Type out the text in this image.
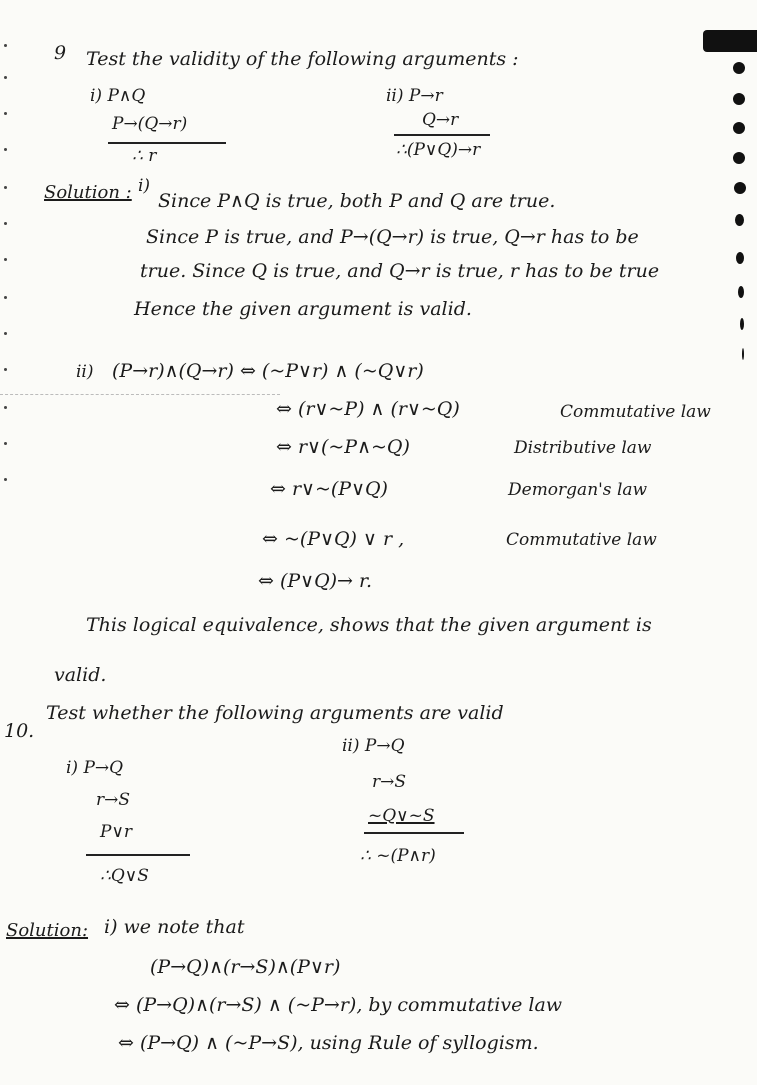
9 Test the validity of the following arguments :
i) P∧Q
P→(Q→r)
∴ r
ii) P→r
Q→r
∴(P∨Q)→r
Solution : i)
Since P∧Q is true, both P and Q are true.
Since P is true, and P→(Q→r) is true, Q→r has to be
true. Since Q is true, and Q→r is true, r has to be true
Hence the given argument is valid.
ii) (P→r)∧(Q→r) ⇔ (~P∨r) ∧ (~Q∨r)
⇔ (r∨~P) ∧ (r∨~Q)	Commutative law
⇔ r∨(~P∧~Q)	Distributive law
⇔ r∨~(P∨Q)	Demorgan's law
⇔ ~(P∨Q) ∨ r ,	Commutative law
⇔ (P∨Q)→ r.
This logical equivalence, shows that the given argument is
valid.
10.
Test whether the following arguments are valid
i) P→Q
r→S
P∨r
∴Q∨S
ii) P→Q
r→S
~Q∨~S
∴ ~(P∧r)
Solution: i) we note that
(P→Q)∧(r→S)∧(P∨r)
⇔ (P→Q)∧(r→S) ∧ (~P→r), by commutative law
⇔ (P→Q) ∧ (~P→S), using Rule of syllogism.
